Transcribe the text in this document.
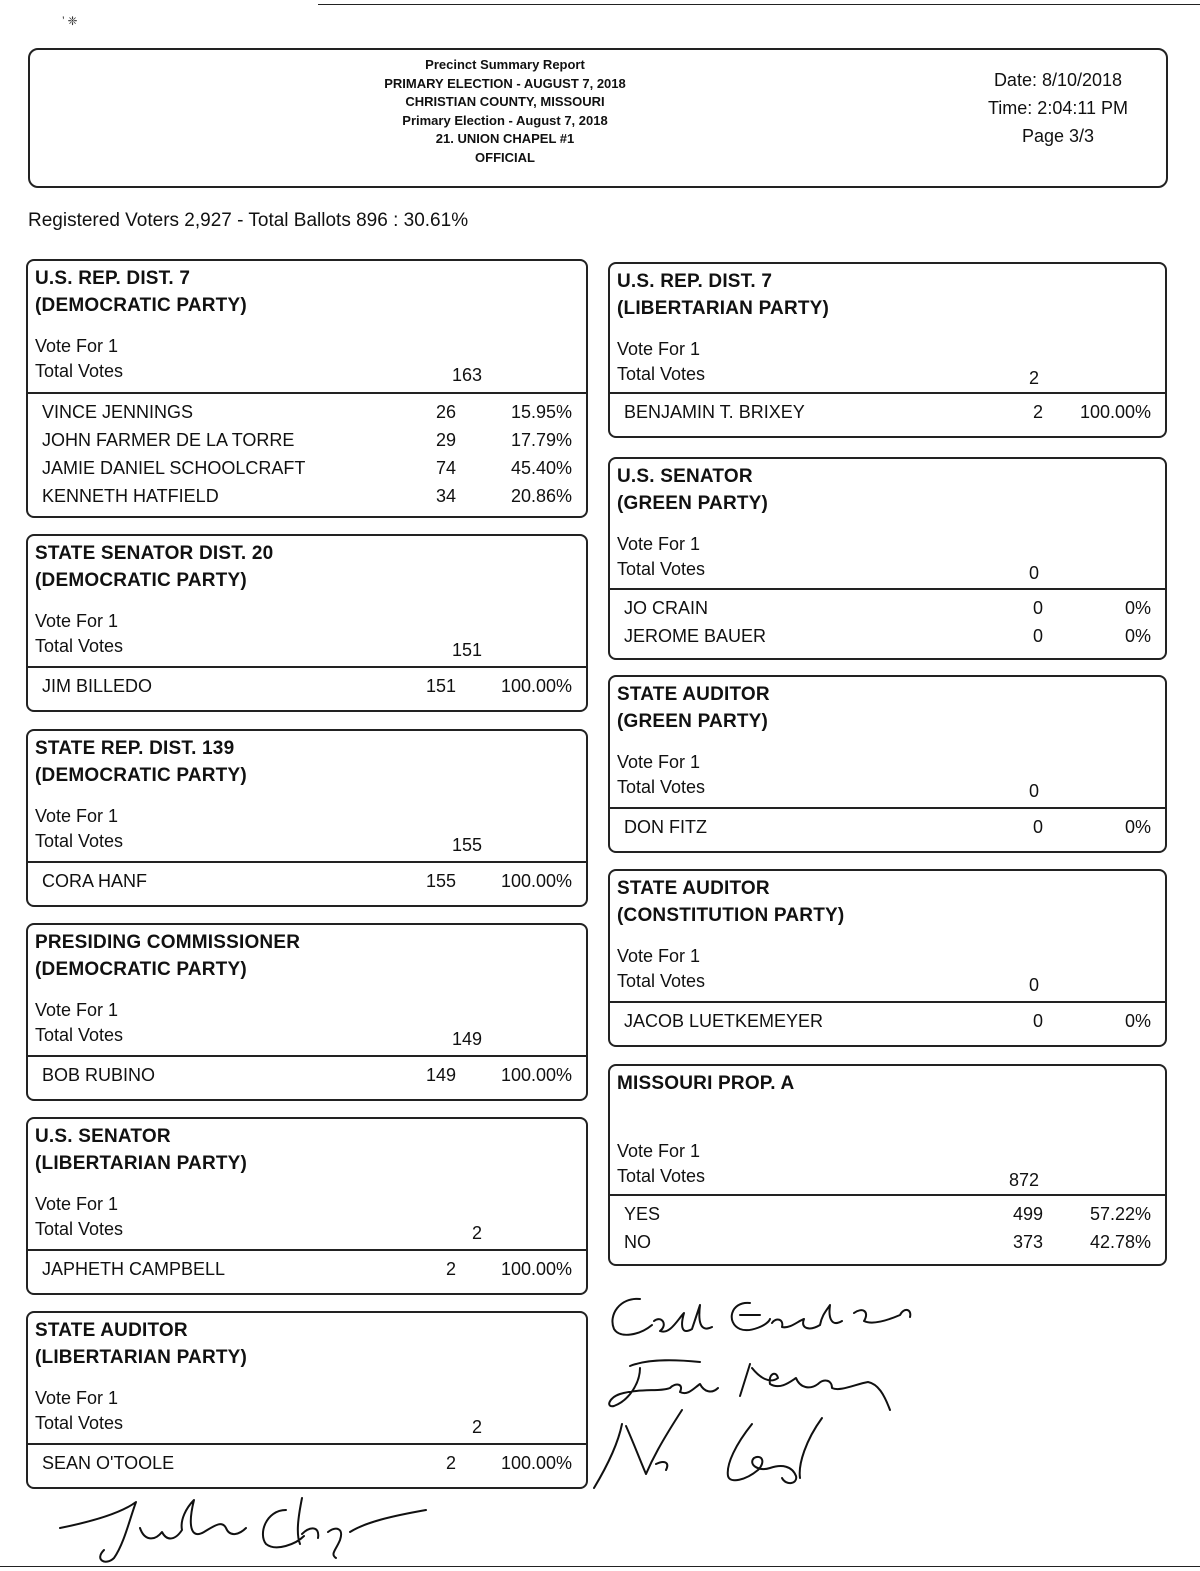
’ ❈
Precinct Summary Report
PRIMARY ELECTION - AUGUST 7, 2018
CHRISTIAN COUNTY, MISSOURI
Primary Election - August 7, 2018
21. UNION CHAPEL #1
OFFICIAL
Date: 8/10/2018
Time: 2:04:11 PM
Page 3/3
Registered Voters 2,927 - Total Ballots 896 : 30.61%
U.S. REP. DIST. 7
(DEMOCRATIC PARTY)
Vote For 1
Total Votes	163
VINCE JENNINGS	26	15.95%
JOHN FARMER DE LA TORRE	29	17.79%
JAMIE DANIEL SCHOOLCRAFT	74	45.40%
KENNETH HATFIELD	34	20.86%
STATE SENATOR DIST. 20
(DEMOCRATIC PARTY)
Vote For 1
Total Votes	151
JIM BILLEDO	151	100.00%
STATE REP. DIST. 139
(DEMOCRATIC PARTY)
Vote For 1
Total Votes	155
CORA HANF	155	100.00%
PRESIDING COMMISSIONER
(DEMOCRATIC PARTY)
Vote For 1
Total Votes	149
BOB RUBINO	149	100.00%
U.S. SENATOR
(LIBERTARIAN PARTY)
Vote For 1
Total Votes	2
JAPHETH CAMPBELL	2	100.00%
STATE AUDITOR
(LIBERTARIAN PARTY)
Vote For 1
Total Votes	2
SEAN O'TOOLE	2	100.00%
U.S. REP. DIST. 7
(LIBERTARIAN PARTY)
Vote For 1
Total Votes	2
BENJAMIN T. BRIXEY	2	100.00%
U.S. SENATOR
(GREEN PARTY)
Vote For 1
Total Votes	0
JO CRAIN	0	0%
JEROME BAUER	0	0%
STATE AUDITOR
(GREEN PARTY)
Vote For 1
Total Votes	0
DON FITZ	0	0%
STATE AUDITOR
(CONSTITUTION PARTY)
Vote For 1
Total Votes	0
JACOB LUETKEMEYER	0	0%
MISSOURI PROP. A
Vote For 1
Total Votes	872
YES	499	57.22%
NO	373	42.78%
